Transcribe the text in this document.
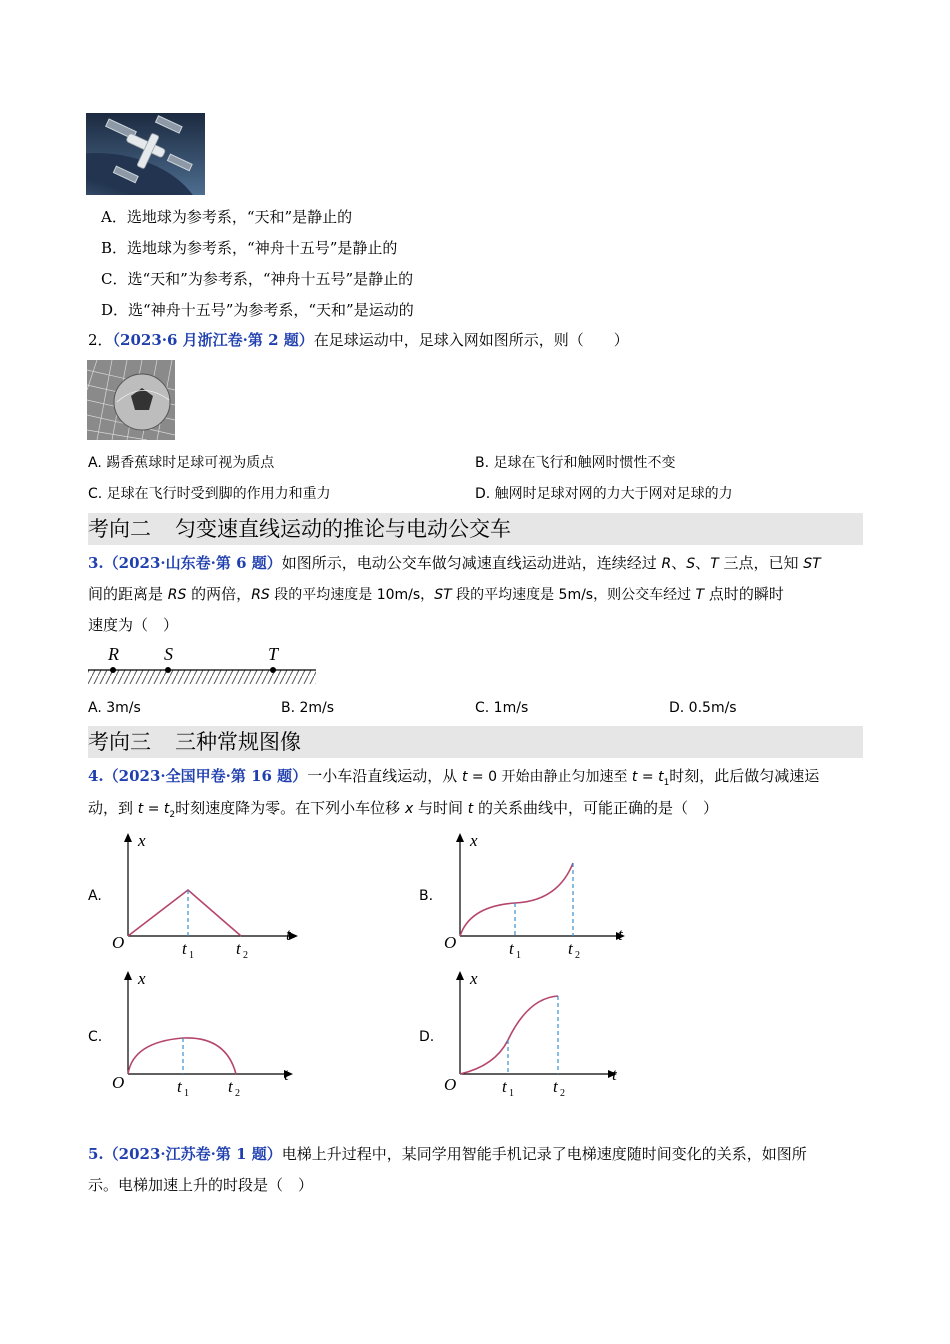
A．选地球为参考系，“天和”是静止的
B．选地球为参考系，“神舟十五号”是静止的
C．选“天和”为参考系，“神舟十五号”是静止的
D．选“神舟十五号”为参考系，“天和”是运动的
2．（2023·6 月浙江卷·第 2 题）在足球运动中，足球入网如图所示，则（　　）
A. 踢香蕉球时足球可视为质点	B. 足球在飞行和触网时惯性不变
C. 足球在飞行时受到脚的作用力和重力	D. 触网时足球对网的力大于网对足球的力
考向二 匀变速直线运动的推论与电动公交车
3.（2023·山东卷·第 6 题）如图所示，电动公交车做匀减速直线运动进站，连续经过 R、S、T 三点，已知 ST
间的距离是 RS 的两倍，RS 段的平均速度是 10m/s，ST 段的平均速度是 5m/s，则公交车经过 T 点时的瞬时
速度为（　）
R	S	T
A. 3m/s	B. 2m/s	C. 1m/s	D. 0.5m/s
考向三 三种常规图像
4.（2023·全国甲卷·第 16 题）一小车沿直线运动，从 t = 0 开始由静止匀加速至 $t = t_1$时刻，此后做匀减速运
动，到 $t = t_2$时刻速度降为零。在下列小车位移 x 与时间 t 的关系曲线中，可能正确的是（　）
A.	B.
C.	D.
x
t
O	t 1 t 2
x
t
O	t 1	t 2
x
t
O	t 1 t 2
x
t
O	t 1 t 2
5.（2023·江苏卷·第 1 题）电梯上升过程中，某同学用智能手机记录了电梯速度随时间变化的关系，如图所
示。电梯加速上升的时段是（　）
